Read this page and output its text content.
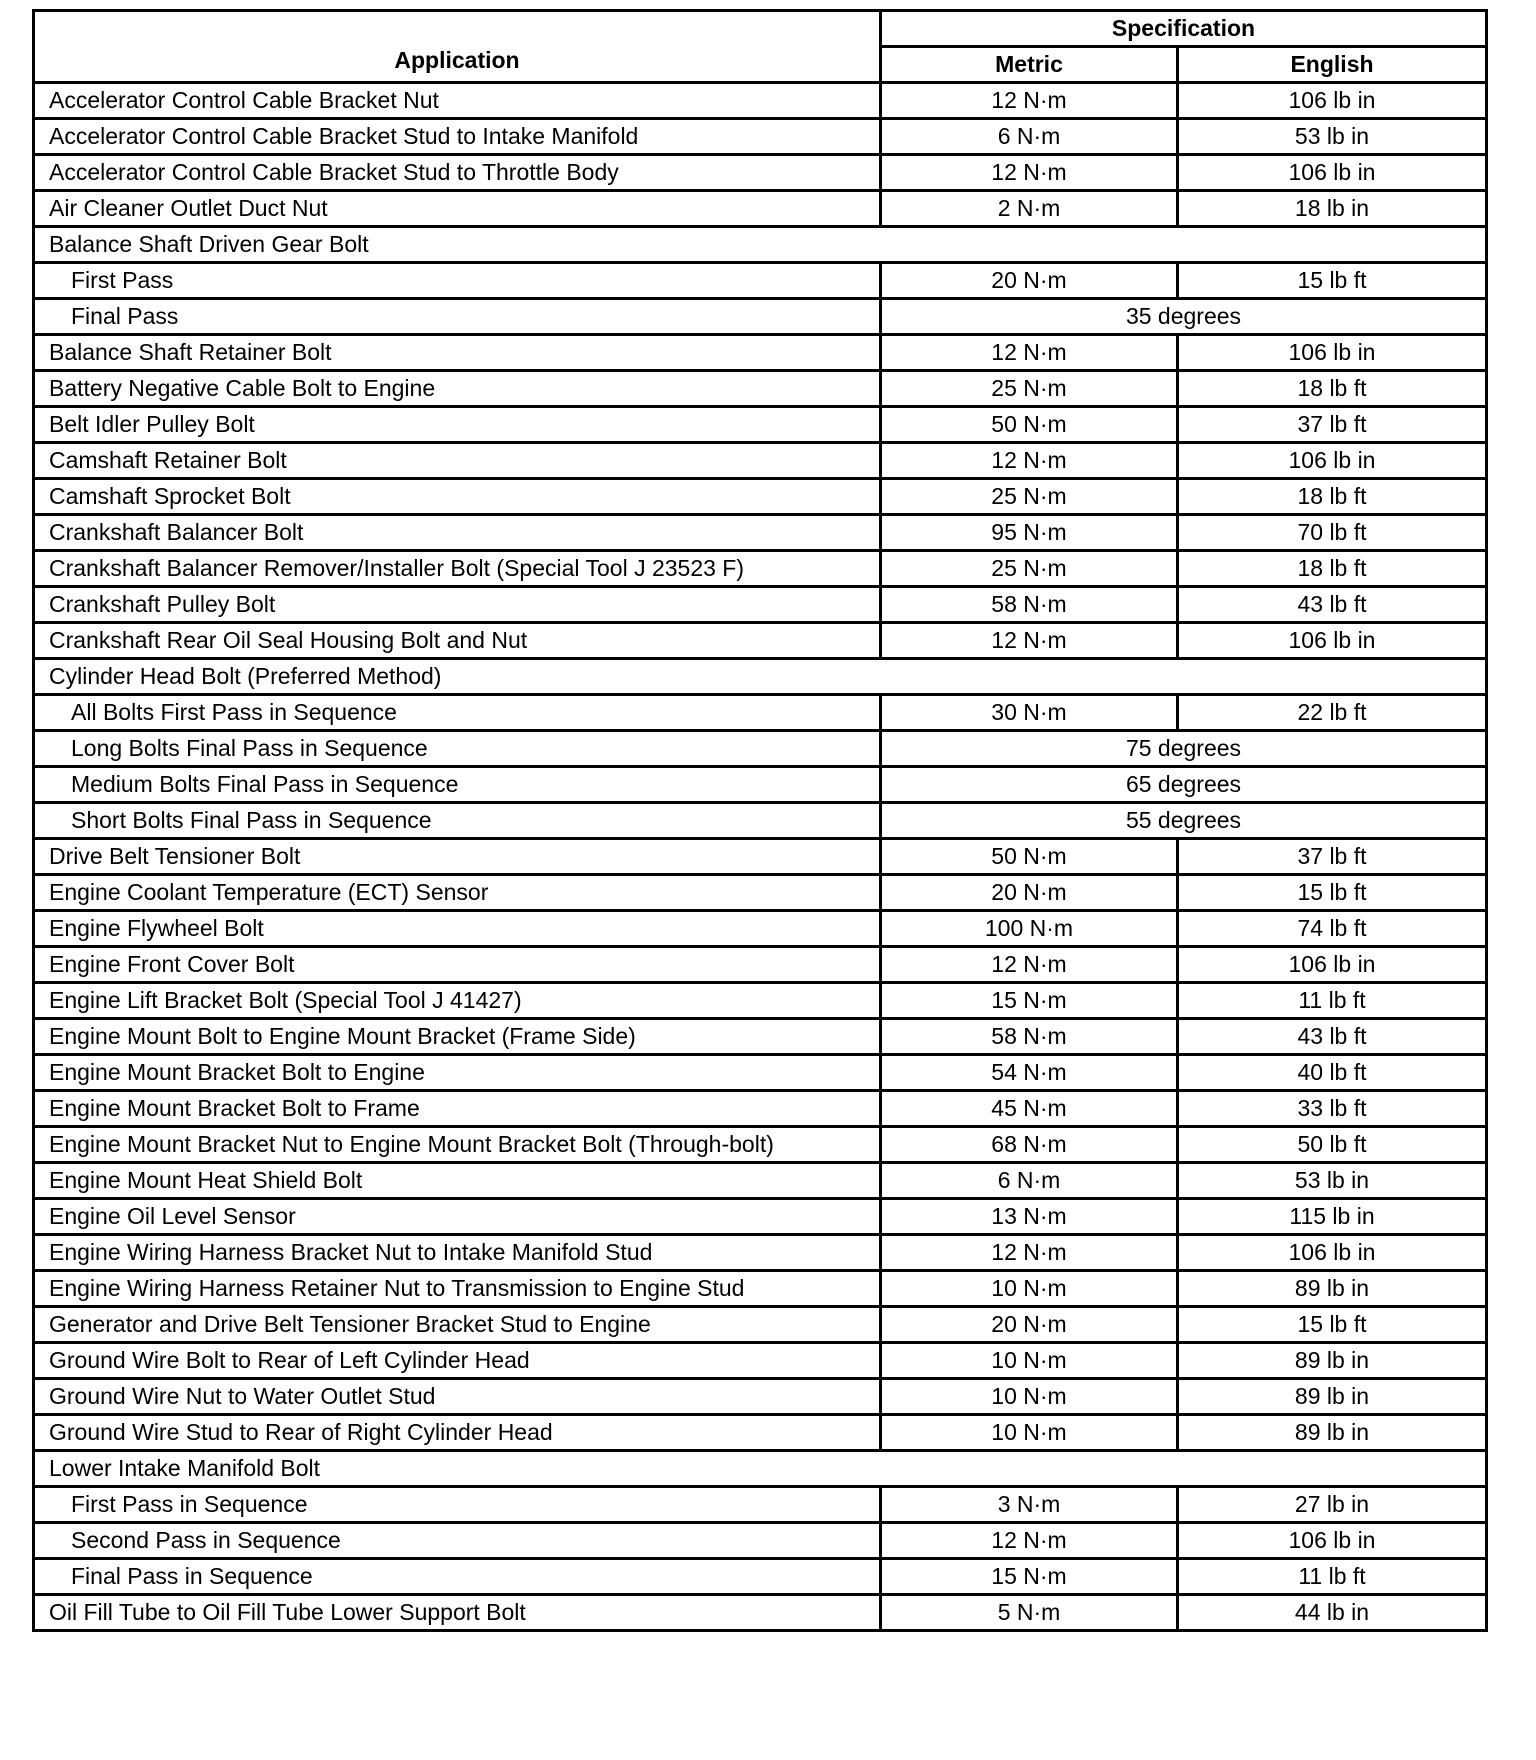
Application	Specification	
	Metric	English
Accelerator Control Cable Bracket Nut	12 N·m	106 lb in
Accelerator Control Cable Bracket Stud to Intake Manifold	6 N·m	53 lb in
Accelerator Control Cable Bracket Stud to Throttle Body	12 N·m	106 lb in
Air Cleaner Outlet Duct Nut	2 N·m	18 lb in
Balance Shaft Driven Gear Bolt		
First Pass	20 N·m	15 lb ft
Final Pass	35 degrees	
Balance Shaft Retainer Bolt	12 N·m	106 lb in
Battery Negative Cable Bolt to Engine	25 N·m	18 lb ft
Belt Idler Pulley Bolt	50 N·m	37 lb ft
Camshaft Retainer Bolt	12 N·m	106 lb in
Camshaft Sprocket Bolt	25 N·m	18 lb ft
Crankshaft Balancer Bolt	95 N·m	70 lb ft
Crankshaft Balancer Remover/Installer Bolt (Special Tool J 23523 F)	25 N·m	18 lb ft
Crankshaft Pulley Bolt	58 N·m	43 lb ft
Crankshaft Rear Oil Seal Housing Bolt and Nut	12 N·m	106 lb in
Cylinder Head Bolt (Preferred Method)		
All Bolts First Pass in Sequence	30 N·m	22 lb ft
Long Bolts Final Pass in Sequence	75 degrees	
Medium Bolts Final Pass in Sequence	65 degrees	
Short Bolts Final Pass in Sequence	55 degrees	
Drive Belt Tensioner Bolt	50 N·m	37 lb ft
Engine Coolant Temperature (ECT) Sensor	20 N·m	15 lb ft
Engine Flywheel Bolt	100 N·m	74 lb ft
Engine Front Cover Bolt	12 N·m	106 lb in
Engine Lift Bracket Bolt (Special Tool J 41427)	15 N·m	11 lb ft
Engine Mount Bolt to Engine Mount Bracket (Frame Side)	58 N·m	43 lb ft
Engine Mount Bracket Bolt to Engine	54 N·m	40 lb ft
Engine Mount Bracket Bolt to Frame	45 N·m	33 lb ft
Engine Mount Bracket Nut to Engine Mount Bracket Bolt (Through-bolt)	68 N·m	50 lb ft
Engine Mount Heat Shield Bolt	6 N·m	53 lb in
Engine Oil Level Sensor	13 N·m	115 lb in
Engine Wiring Harness Bracket Nut to Intake Manifold Stud	12 N·m	106 lb in
Engine Wiring Harness Retainer Nut to Transmission to Engine Stud	10 N·m	89 lb in
Generator and Drive Belt Tensioner Bracket Stud to Engine	20 N·m	15 lb ft
Ground Wire Bolt to Rear of Left Cylinder Head	10 N·m	89 lb in
Ground Wire Nut to Water Outlet Stud	10 N·m	89 lb in
Ground Wire Stud to Rear of Right Cylinder Head	10 N·m	89 lb in
Lower Intake Manifold Bolt		
First Pass in Sequence	3 N·m	27 lb in
Second Pass in Sequence	12 N·m	106 lb in
Final Pass in Sequence	15 N·m	11 lb ft
Oil Fill Tube to Oil Fill Tube Lower Support Bolt	5 N·m	44 lb in
